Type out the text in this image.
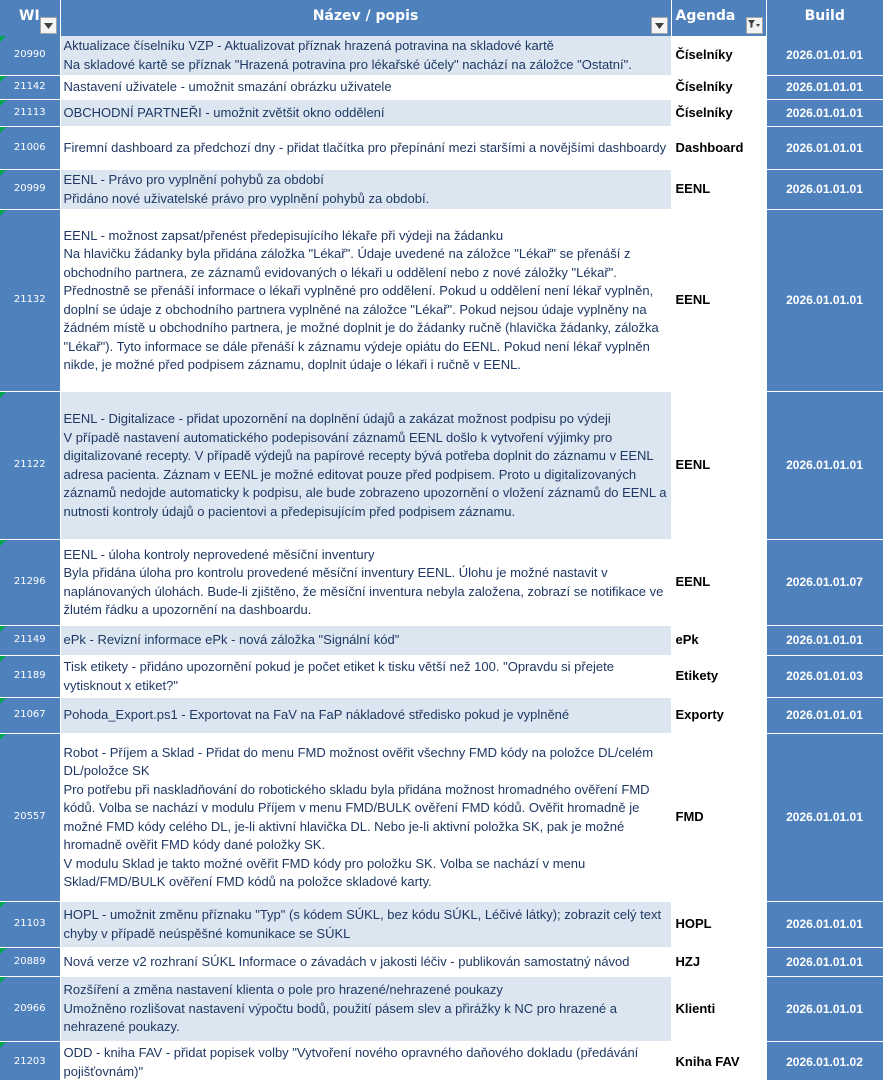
WI	Název / popis	Agenda	Build

20990	Aktualizace číselníku VZP - Aktualizovat příznak hrazená potravina na skladové kartě
Na skladové kartě se příznak "Hrazená potravina pro lékařské účely" nachází na záložce "Ostatní".	Číselníky	2026.01.01.01

21142	Nastavení uživatele - umožnit smazání obrázku uživatele	Číselníky	2026.01.01.01

21113	OBCHODNÍ PARTNEŘI - umožnit zvětšit okno oddělení	Číselníky	2026.01.01.01

21006	Firemní dashboard za předchozí dny - přidat tlačítka pro přepínání mezi staršími a novějšími dashboardy	Dashboard	2026.01.01.01

20999	EENL - Právo pro vyplnění pohybů za období
Přidáno nové uživatelské právo pro vyplnění pohybů za období.	EENL	2026.01.01.01

21132	EENL - možnost zapsat/přenést předepisujícího lékaře při výdeji na žádanku
Na hlavičku žádanky byla přidána záložka "Lékař". Údaje uvedené na záložce "Lékař" se přenáší z obchodního partnera, ze záznamů evidovaných o lékaři u oddělení nebo z nové záložky "Lékař". Přednostně se přenáší informace o lékaři vyplněné pro oddělení. Pokud u oddělení není lékař vyplněn, doplní se údaje z obchodního partnera vyplněné na záložce "Lékař". Pokud nejsou údaje vyplněny na žádném místě u obchodního partnera, je možné doplnit je do žádanky ručně (hlavička žádanky, záložka "Lékař"). Tyto informace se dále přenáší k záznamu výdeje opiátu do EENL. Pokud není lékař vyplněn nikde, je možné před podpisem záznamu, doplnit údaje o lékaři i ručně v EENL.	EENL	2026.01.01.01

21122	EENL - Digitalizace - přidat upozornění na doplnění údajů a zakázat možnost podpisu po výdeji
V případě nastavení automatického podepisování záznamů EENL došlo k vytvoření výjimky pro digitalizované recepty. V případě výdejů na papírové recepty bývá potřeba doplnit do záznamu v EENL adresa pacienta. Záznam v EENL je možné editovat pouze před podpisem. Proto u digitalizovaných záznamů nedojde automaticky k podpisu, ale bude zobrazeno upozornění o vložení záznamů do EENL a nutnosti kontroly údajů o pacientovi a předepisujícím před podpisem záznamu.	EENL	2026.01.01.01

21296	EENL - úloha kontroly neprovedené měsíční inventury
Byla přidána úloha pro kontrolu provedené měsíční inventury EENL. Úlohu je možné nastavit v naplánovaných úlohách. Bude-li zjištěno, že měsíční inventura nebyla založena, zobrazí se notifikace ve žlutém řádku a upozornění na dashboardu.	EENL	2026.01.01.07

21149	ePk - Revizní informace ePk - nová záložka "Signální kód"	ePk	2026.01.01.01

21189	Tisk etikety - přidáno upozornění pokud je počet etiket k tisku větší než 100. "Opravdu si přejete vytisknout x etiket?"	Etikety	2026.01.01.03

21067	Pohoda_Export.ps1 - Exportovat na FaV na FaP nákladové středisko pokud je vyplněné	Exporty	2026.01.01.01

20557	Robot - Příjem a Sklad - Přidat do menu FMD možnost ověřit všechny FMD kódy na položce DL/celém DL/položce SK
Pro potřebu při naskladňování do robotického skladu byla přidána možnost hromadného ověření FMD kódů. Volba se nachází v modulu Příjem v menu FMD/BULK ověření FMD kódů. Ověřit hromadně je možné FMD kódy celého DL, je-li aktivní hlavička DL. Nebo je-li aktivní položka SK, pak je možné hromadně ověřit FMD kódy dané položky SK.
V modulu Sklad je takto možné ověřit FMD kódy pro položku SK. Volba se nachází v menu Sklad/FMD/BULK ověření FMD kódů na položce skladové karty.	FMD	2026.01.01.01

21103	HOPL - umožnit změnu příznaku "Typ" (s kódem SÚKL, bez kódu SÚKL, Léčivé látky); zobrazit celý text chyby v případě neúspěšné komunikace se SÚKL	HOPL	2026.01.01.01

20889	Nová verze v2 rozhraní SÚKL Informace o závadách v jakosti léčiv - publikován samostatný návod	HZJ	2026.01.01.01

20966	Rozšíření a změna nastavení klienta o pole pro hrazené/nehrazené poukazy
Umožněno rozlišovat nastavení výpočtu bodů, použití pásem slev a přirážky k NC pro hrazené a nehrazené poukazy.	Klienti	2026.01.01.01

21203	ODD - kniha FAV - přidat popisek volby "Vytvoření nového opravného daňového dokladu (předávání pojišťovnám)"	Kniha FAV	2026.01.01.02
